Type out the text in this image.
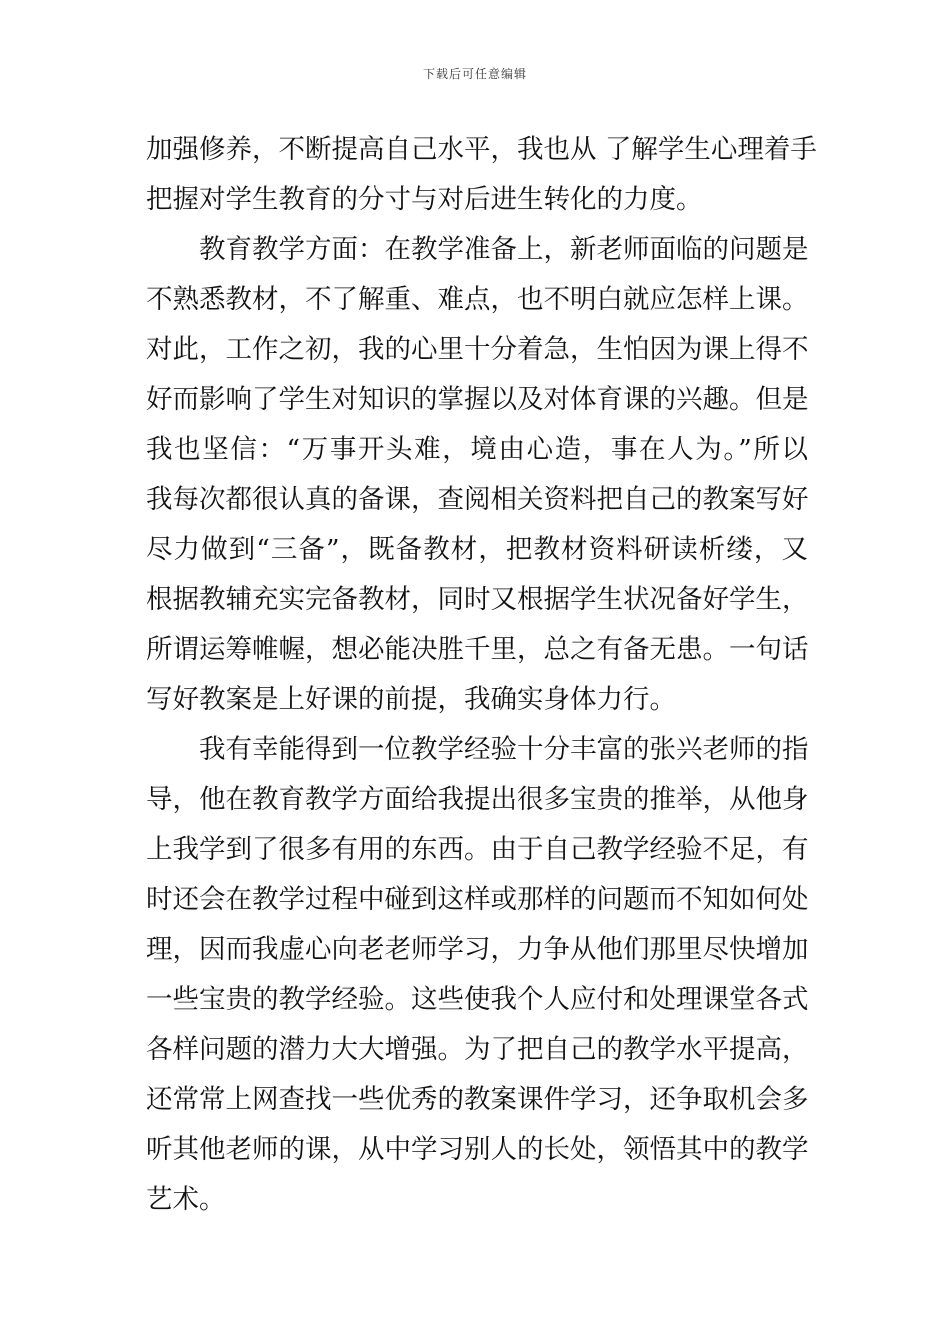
下载后可任意编辑
加强修养，不断提高自己水平，我也从 了解学生心理着手
把握对学生教育的分寸与对后进生转化的力度。
教育教学方面：在教学准备上，新老师面临的问题是
不熟悉教材，不了解重、难点，也不明白就应怎样上课。
对此，工作之初，我的心里十分着急，生怕因为课上得不
好而影响了学生对知识的掌握以及对体育课的兴趣。但是
我也坚信：“万事开头难，境由心造，事在人为。”所以
我每次都很认真的备课，查阅相关资料把自己的教案写好
尽力做到“三备”，既备教材，把教材资料研读析缕，又
根据教辅充实完备教材，同时又根据学生状况备好学生，
所谓运筹帷幄，想必能决胜千里，总之有备无患。一句话
写好教案是上好课的前提，我确实身体力行。
我有幸能得到一位教学经验十分丰富的张兴老师的指
导，他在教育教学方面给我提出很多宝贵的推举，从他身
上我学到了很多有用的东西。由于自己教学经验不足，有
时还会在教学过程中碰到这样或那样的问题而不知如何处
理，因而我虚心向老老师学习，力争从他们那里尽快增加
一些宝贵的教学经验。这些使我个人应付和处理课堂各式
各样问题的潜力大大增强。为了把自己的教学水平提高，
还常常上网查找一些优秀的教案课件学习，还争取机会多
听其他老师的课，从中学习别人的长处，领悟其中的教学
艺术。
